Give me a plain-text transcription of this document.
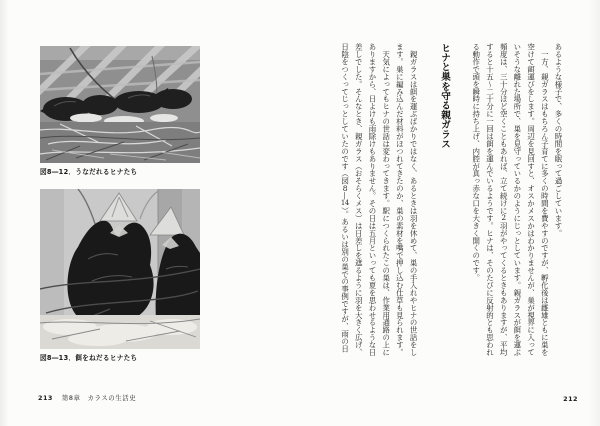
図8―12．うなだれるヒナたち
図8―13．餌をねだるヒナたち
213 第8章　カラスの生活史
あるような様子で、多くの時間を眠って過ごしています。
　一方、親ガラスはもちろん子育てに多くの時間を費やすのですが、孵化後は雌雄ともに巣を
空けて餌運びをします。周辺を見回すと、オスかメスかはわかりませんが、巣が視界に入って
いそうな離れた場所で、巣を見守っているかのようにじっとしています。親ガラスが餌を運ぶ
頻度は、三十分ほど空くこともあれば、立て続けに2羽がやってくるときもありますが、平均
すると十五〜二十分に一回は餌を運んでいるようです。ヒナは、そのたびに反射的とも思われ
る動作で頭を瞬時に持ち上げ、内腔が真っ赤な口を大きく開くのです。
ヒナと巣を守る親ガラス
　親ガラスは餌を運ぶばかりではなく、あるときは羽を休めて、巣の手入れやヒナの世話をし
ます。巣に編み込んだ材料がほつれてきたのか、巣の素材を嘴で押し込む仕草も見られます。
　天気によってもヒナの世話は変わってきます。駅につくられたこの巣は、作業用通路の上に
ありますから、日よけも雨除けもありません。その日は五月といっても夏を思わせるような日
差しでした。そんなとき、親ガラス（おそらくメス）は日差しを遮るように羽を大きく広げ、
日陰をつくってじっとしていたのです（図8―14）。あるいは別の巣での事例ですが、雨の日
212
